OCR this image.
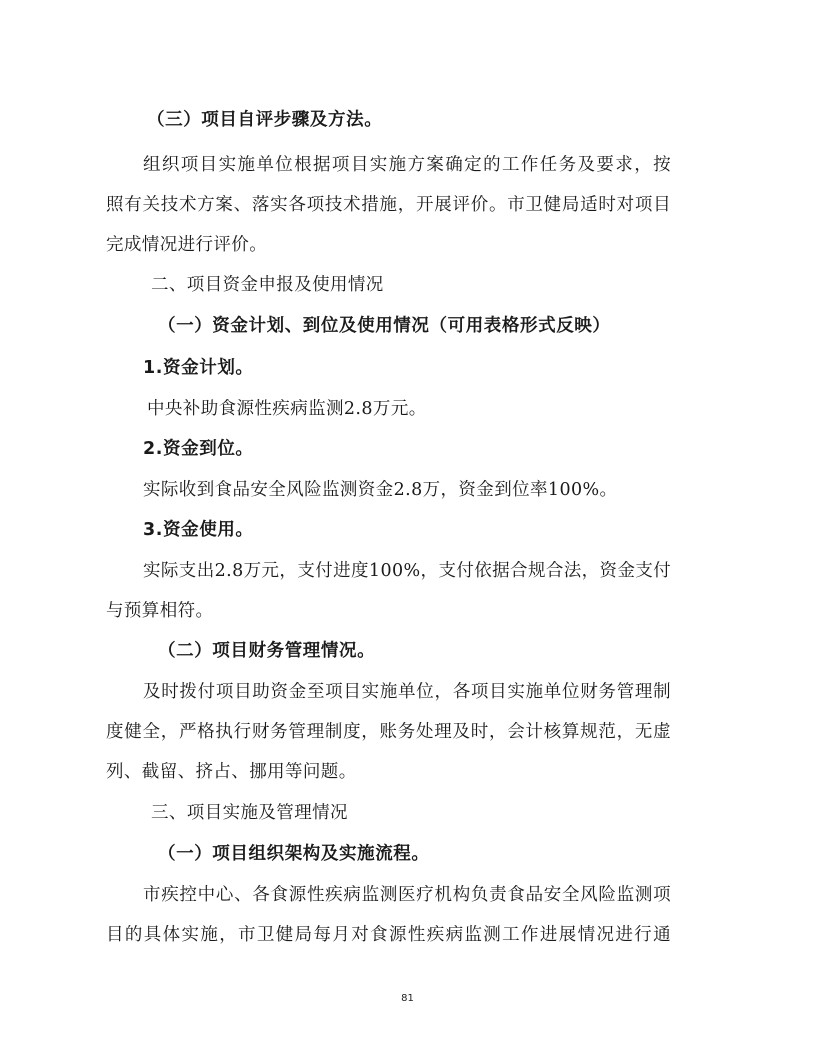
（三）项目自评步骤及方法。
组织项目实施单位根据项目实施方案确定的工作任务及要求，按
照有关技术方案、落实各项技术措施，开展评价。市卫健局适时对项目
完成情况进行评价。
二、项目资金申报及使用情况
（一）资金计划、到位及使用情况（可用表格形式反映）
1.资金计划。
中央补助食源性疾病监测2.8万元。
2.资金到位。
实际收到食品安全风险监测资金2.8万，资金到位率100%。
3.资金使用。
实际支出2.8万元，支付进度100%，支付依据合规合法，资金支付
与预算相符。
（二）项目财务管理情况。
及时拨付项目助资金至项目实施单位，各项目实施单位财务管理制
度健全，严格执行财务管理制度，账务处理及时，会计核算规范，无虚
列、截留、挤占、挪用等问题。
三、项目实施及管理情况
（一）项目组织架构及实施流程。
市疾控中心、各食源性疾病监测医疗机构负责食品安全风险监测项
目的具体实施，市卫健局每月对食源性疾病监测工作进展情况进行通
81
